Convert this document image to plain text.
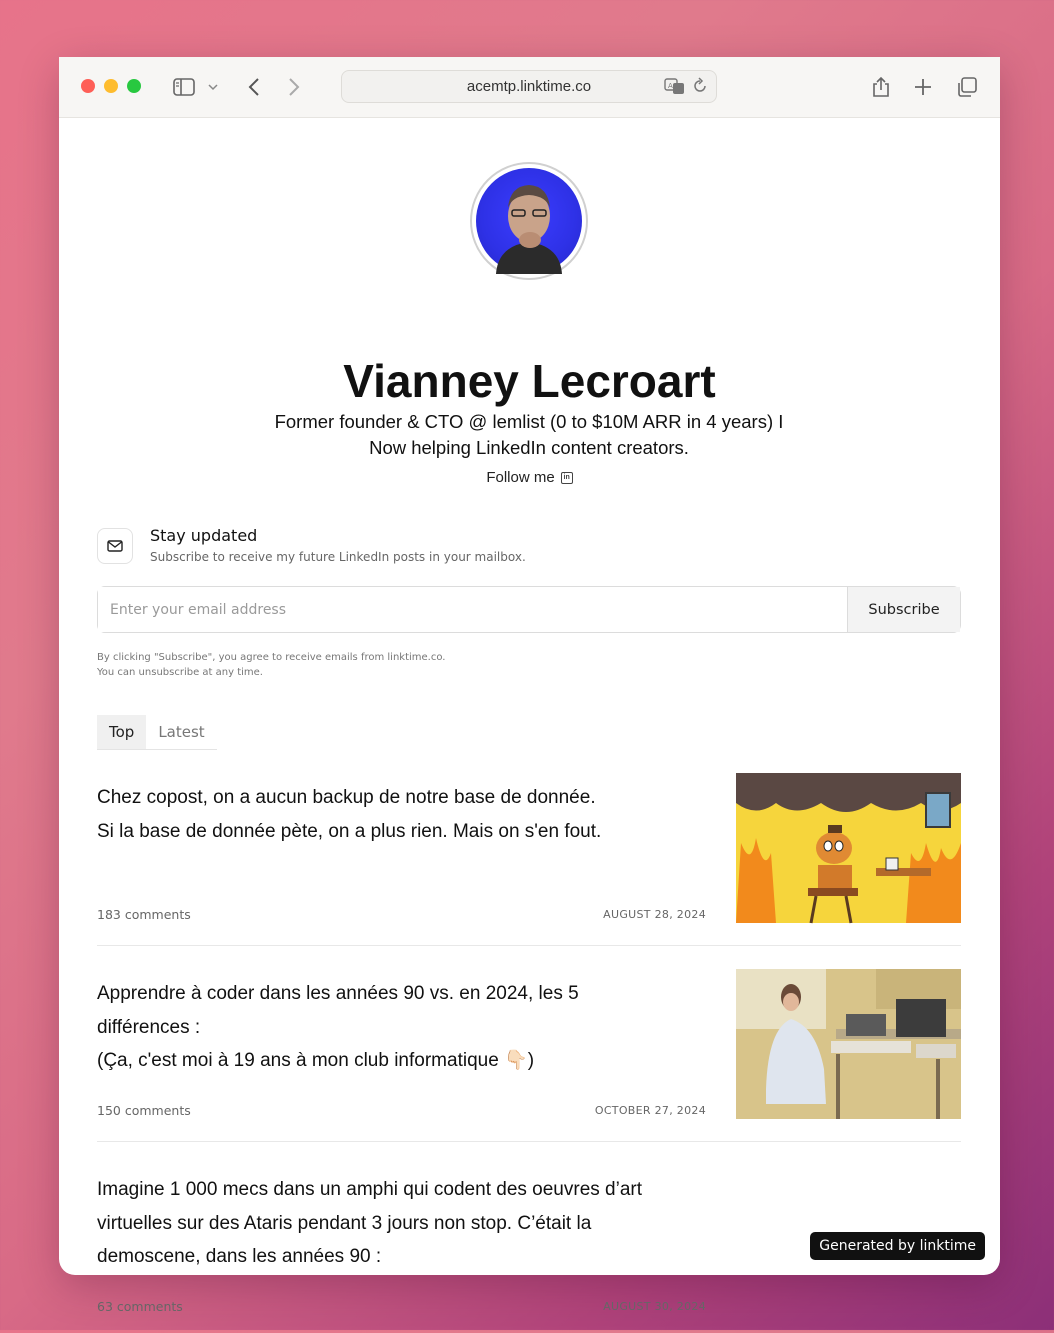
acemtp.linktime.co	A
Vianney Lecroart
Former founder & CTO @ lemlist (0 to $10M ARR in 4 years) I
Now helping LinkedIn content creators.
Follow me	in
Stay updated
Subscribe to receive my future LinkedIn posts in your mailbox.
Enter your email address
Subscribe
By clicking "Subscribe", you agree to receive emails from linktime.co.
You can unsubscribe at any time.
Top	Latest
Chez copost, on a aucun backup de notre base de donnée.
Si la base de donnée pète, on a plus rien. Mais on s'en fout.
183 comments	AUGUST 28, 2024
Apprendre à coder dans les années 90 vs. en 2024, les 5
différences :
(Ça, c'est moi à 19 ans à mon club informatique 👇🏻)
150 comments	OCTOBER 27, 2024
Imagine 1 000 mecs dans un amphi qui codent des oeuvres d’art
virtuelles sur des Ataris pendant 3 jours non stop. C’était la
demoscene, dans les années 90 :
63 comments	AUGUST 30, 2024
Generated by linktime
